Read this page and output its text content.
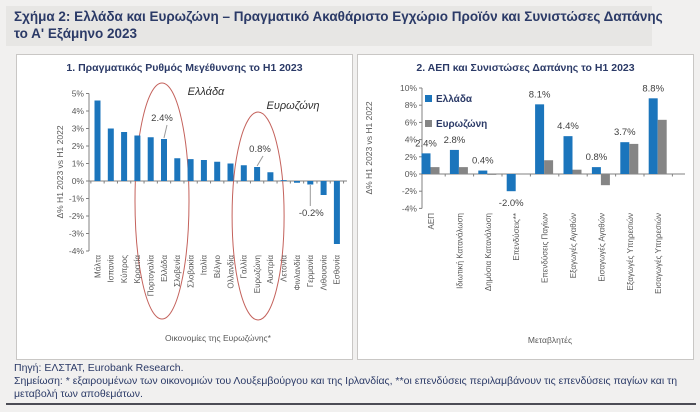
Σχήμα 2: Ελλάδα και Ευρωζώνη – Πραγματικό Ακαθάριστο Εγχώριο Προϊόν και Συνιστώσες Δαπάνης το Α' Εξάμηνο 2023
1. Πραγματικός Ρυθμός Μεγέθυνσης το H1 2023
5%
4%
3%
2%
1%
0%
-1%
-2%
-3%
-4%
Μάλτα Ισπανία Κύπρος Κροατία Πορτογαλία Ελλάδα Σλοβενία Σλοβακία Ιταλία Βέλγιο Ολλανδία Γαλλία Ευρωζώνη Αυστρία Λετονία Φινλανδία Γερμανία Λιθουανία Εσθονία
Δ% H1 2023 vs H1 2022
Οικονομίες της Ευρωζώνης*
Ελλάδα
Ευρωζώνη
2.4%
0.8%
-0.2%
2. ΑΕΠ και Συνιστώσες Δαπάνης το H1 2023
10%
8%
6%
4%
2%
0%
-2%
-4%
2.4%
ΑΕΠ
2.8%
Ιδιωτική Κατανάλωση
0.4%
Δημόσια Κατανάλωση
-2.0%
Επενδύσεις**
8.1%
Επενδύσεις Παγίων
4.4%
Εξαγωγές Αγαθών
0.8%
Εισαγωγές Αγαθών
3.7%
Εξαγωγές Υπηρεσιών
8.8%
Εισαγωγές Υπηρεσιών
Ελλάδα
Ευρωζώνη
Δ% H1 2023 vs H1 2022
Μεταβλητές
Πηγή: ΕΛΣΤΑΤ, Eurobank Research.
Σημείωση: * εξαιρουμένων των οικονομιών του Λουξεμβούργου και της Ιρλανδίας, **οι επενδύσεις περιλαμβάνουν τις επενδύσεις παγίων και τη μεταβολή των αποθεμάτων.
